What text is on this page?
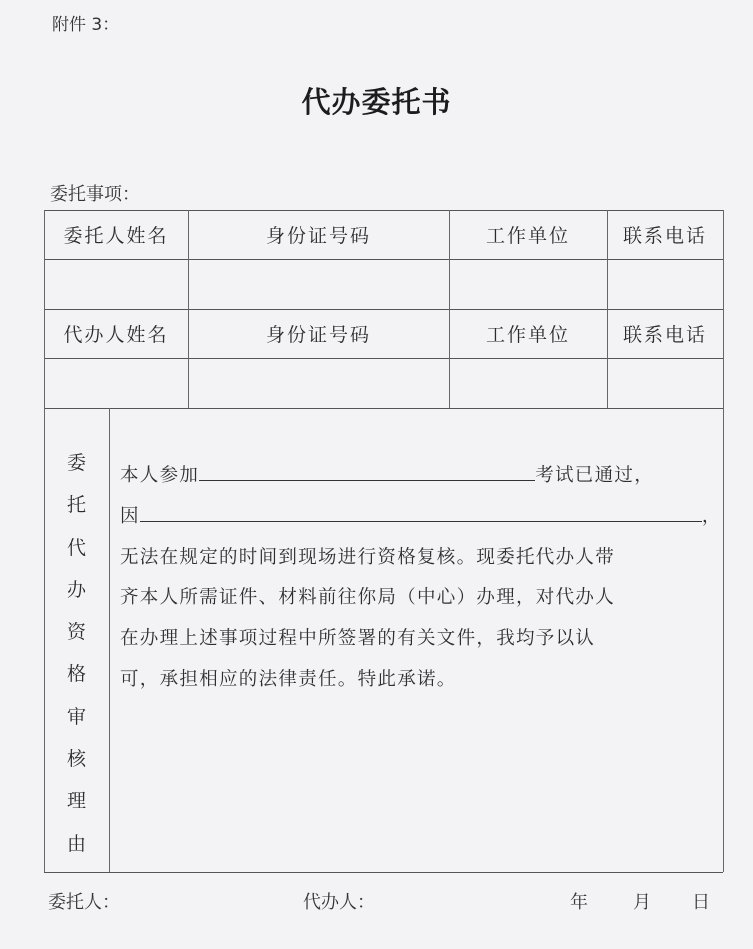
附件 3：
代办委托书
委托事项：
委托人姓名	身份证号码	工作单位	联系电话
代办人姓名	身份证号码	工作单位	联系电话
委
托
代
办
资
格
审
核
理
由
本人参加	考试已通过，
因	，
无法在规定的时间到现场进行资格复核。现委托代办人带
齐本人所需证件、材料前往你局（中心）办理，对代办人
在办理上述事项过程中所签署的有关文件，我均予以认
可，承担相应的法律责任。特此承诺。
委托人：	代办人：	年	月 日
